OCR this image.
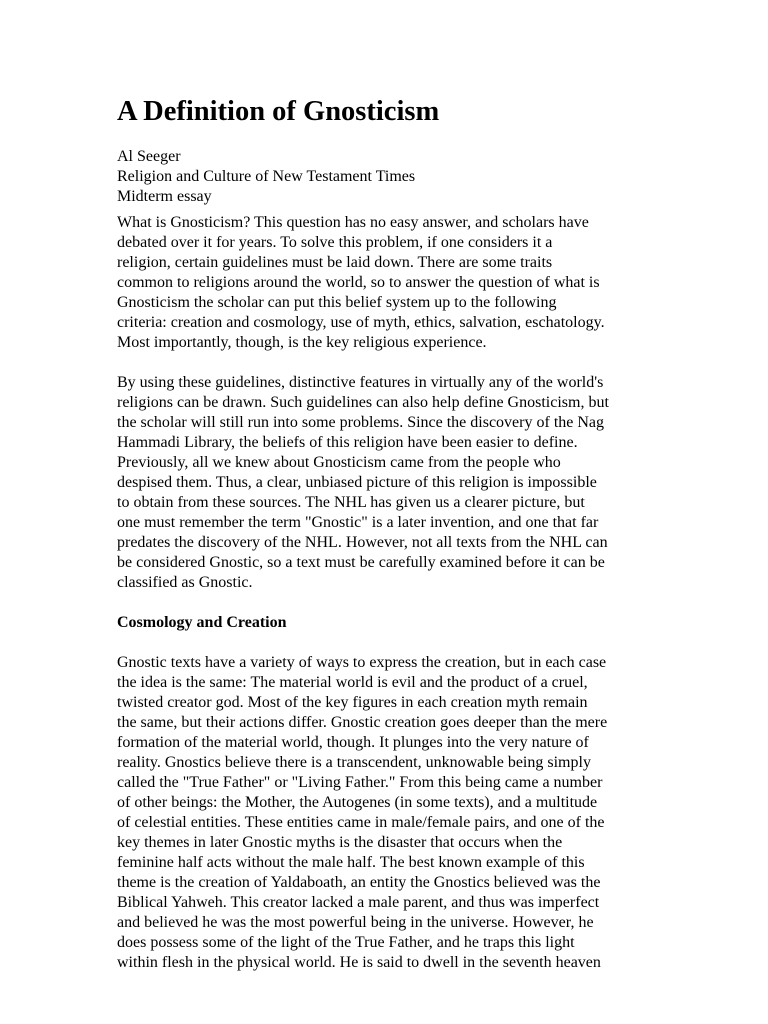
A Definition of Gnosticism

Al Seeger

Religion and Culture of New Testament Times

Midterm essay

What is Gnosticism? This question has no easy answer, and scholars have
debated over it for years. To solve this problem, if one considers it a
religion, certain guidelines must be laid down. There are some traits
common to religions around the world, so to answer the question of what is
Gnosticism the scholar can put this belief system up to the following
criteria: creation and cosmology, use of myth, ethics, salvation, eschatology.
Most importantly, though, is the key religious experience.
By using these guidelines, distinctive features in virtually any of the world's
religions can be drawn. Such guidelines can also help define Gnosticism, but
the scholar will still run into some problems. Since the discovery of the Nag
Hammadi Library, the beliefs of this religion have been easier to define.
Previously, all we knew about Gnosticism came from the people who
despised them. Thus, a clear, unbiased picture of this religion is impossible
to obtain from these sources. The NHL has given us a clearer picture, but
one must remember the term "Gnostic" is a later invention, and one that far
predates the discovery of the NHL. However, not all texts from the NHL can
be considered Gnostic, so a text must be carefully examined before it can be
classified as Gnostic.
Cosmology and Creation
Gnostic texts have a variety of ways to express the creation, but in each case
the idea is the same: The material world is evil and the product of a cruel,
twisted creator god. Most of the key figures in each creation myth remain
the same, but their actions differ. Gnostic creation goes deeper than the mere
formation of the material world, though. It plunges into the very nature of
reality. Gnostics believe there is a transcendent, unknowable being simply
called the "True Father" or "Living Father." From this being came a number
of other beings: the Mother, the Autogenes (in some texts), and a multitude
of celestial entities. These entities came in male/female pairs, and one of the
key themes in later Gnostic myths is the disaster that occurs when the
feminine half acts without the male half. The best known example of this
theme is the creation of Yaldaboath, an entity the Gnostics believed was the
Biblical Yahweh. This creator lacked a male parent, and thus was imperfect
and believed he was the most powerful being in the universe. However, he
does possess some of the light of the True Father, and he traps this light
within flesh in the physical world. He is said to dwell in the seventh heaven
